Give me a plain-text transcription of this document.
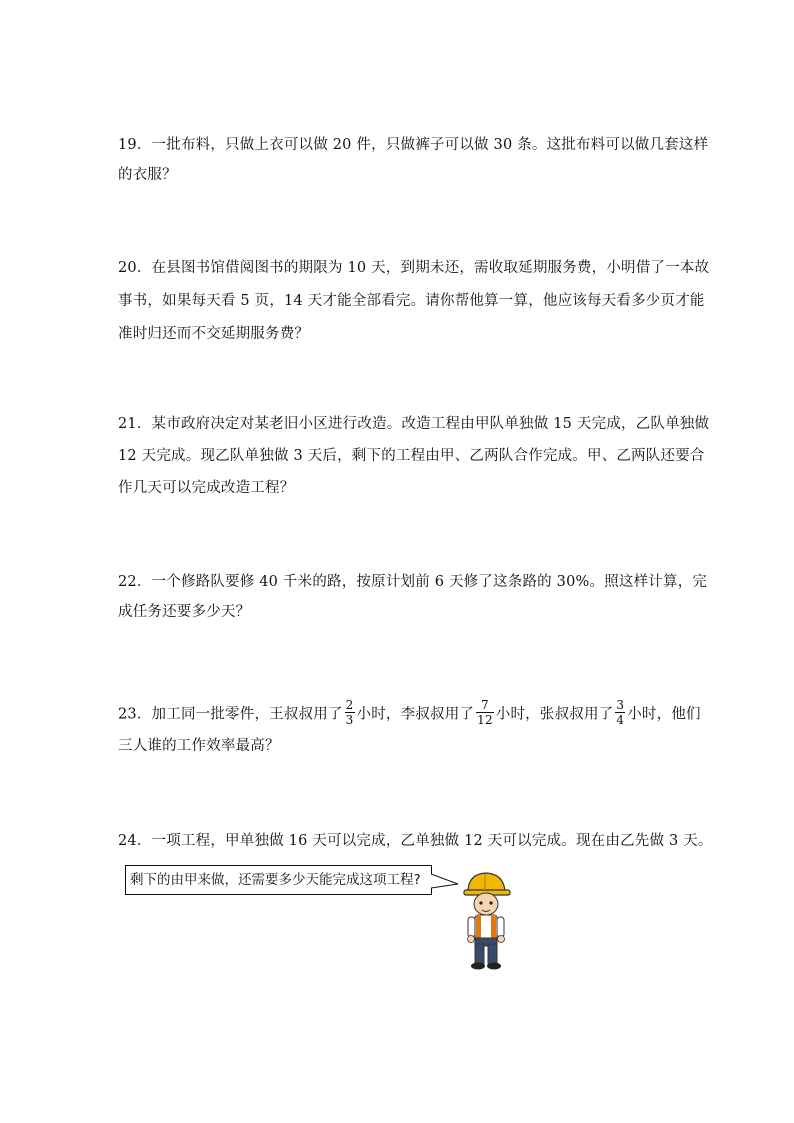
19．一批布料，只做上衣可以做 20 件，只做裤子可以做 30 条。这批布料可以做几套这样
的衣服？
20．在县图书馆借阅图书的期限为 10 天，到期未还，需收取延期服务费，小明借了一本故
事书，如果每天看 5 页，14 天才能全部看完。请你帮他算一算，他应该每天看多少页才能
准时归还而不交延期服务费？
21．某市政府决定对某老旧小区进行改造。改造工程由甲队单独做 15 天完成，乙队单独做
12 天完成。现乙队单独做 3 天后，剩下的工程由甲、乙两队合作完成。甲、乙两队还要合
作几天可以完成改造工程？
22．一个修路队要修 40 千米的路，按原计划前 6 天修了这条路的 30%。照这样计算，完
成任务还要多少天？
23．加工同一批零件，王叔叔用了 $\frac{2}{3}$ 小时，李叔叔用了 $\frac{7}{12}$ 小时，张叔叔用了 $\frac{3}{4}$ 小时，他们
三人谁的工作效率最高？
24．一项工程，甲单独做 16 天可以完成，乙单独做 12 天可以完成。现在由乙先做 3 天。
剩下的由甲来做，还需要多少天能完成这项工程?
